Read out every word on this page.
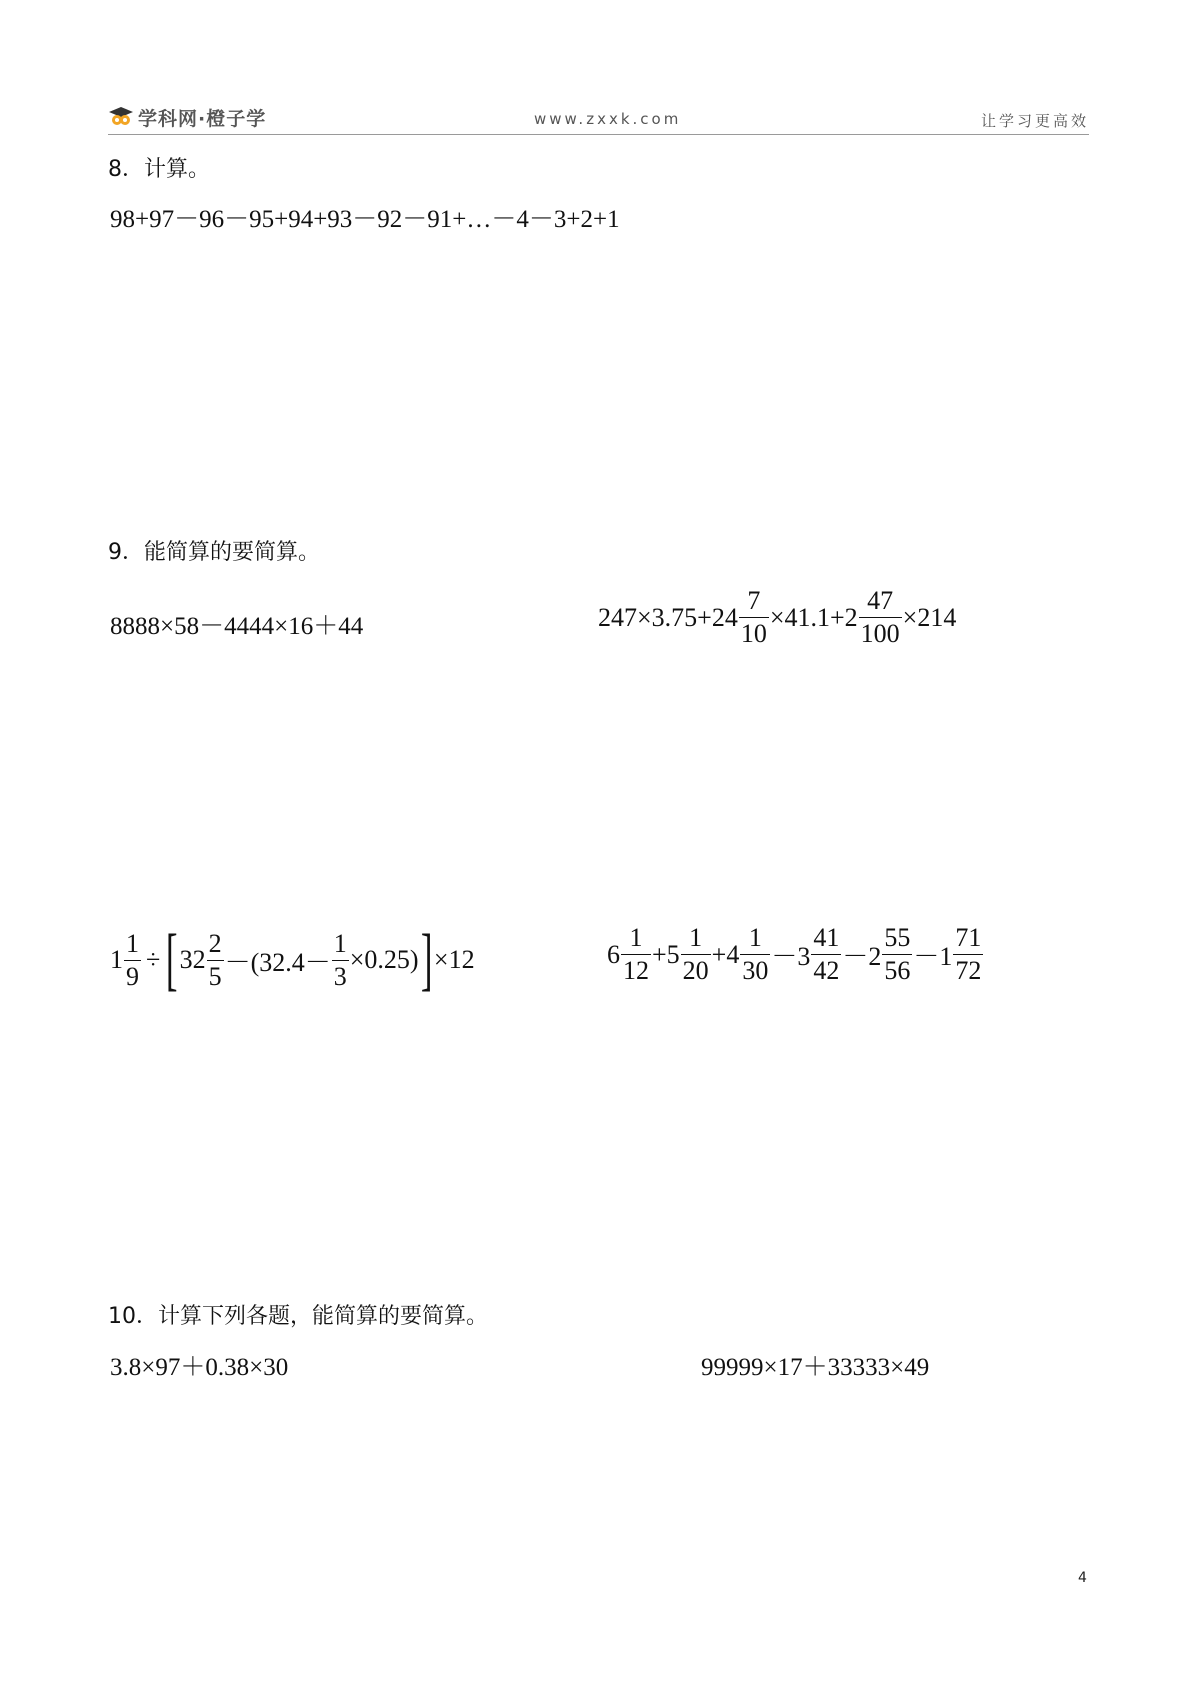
学科网·橙子学	www.zxxk.com	让学习更高效
8．计算。
98+97－96－95+94+93－92－91+…－4－3+2+1
9．能简算的要简算。
8888×58－4444×16＋44	$247\times 3.75+24 \frac{7}{10} \times 41.1+2 \frac{47}{100} \times 214$
$1 \frac{1}{9}$ ÷ [ $32 \frac{2}{5} -(32.4- \frac{1}{3} \times 0.25)$ ] ×12	$6 \frac{1}{12} +5 \frac{1}{20} +4 \frac{1}{30} -3 \frac{41}{42} -2 \frac{55}{56} -1 \frac{71}{72}$
10．计算下列各题，能简算的要简算。
3.8×97＋0.38×30	99999×17＋33333×49
4
